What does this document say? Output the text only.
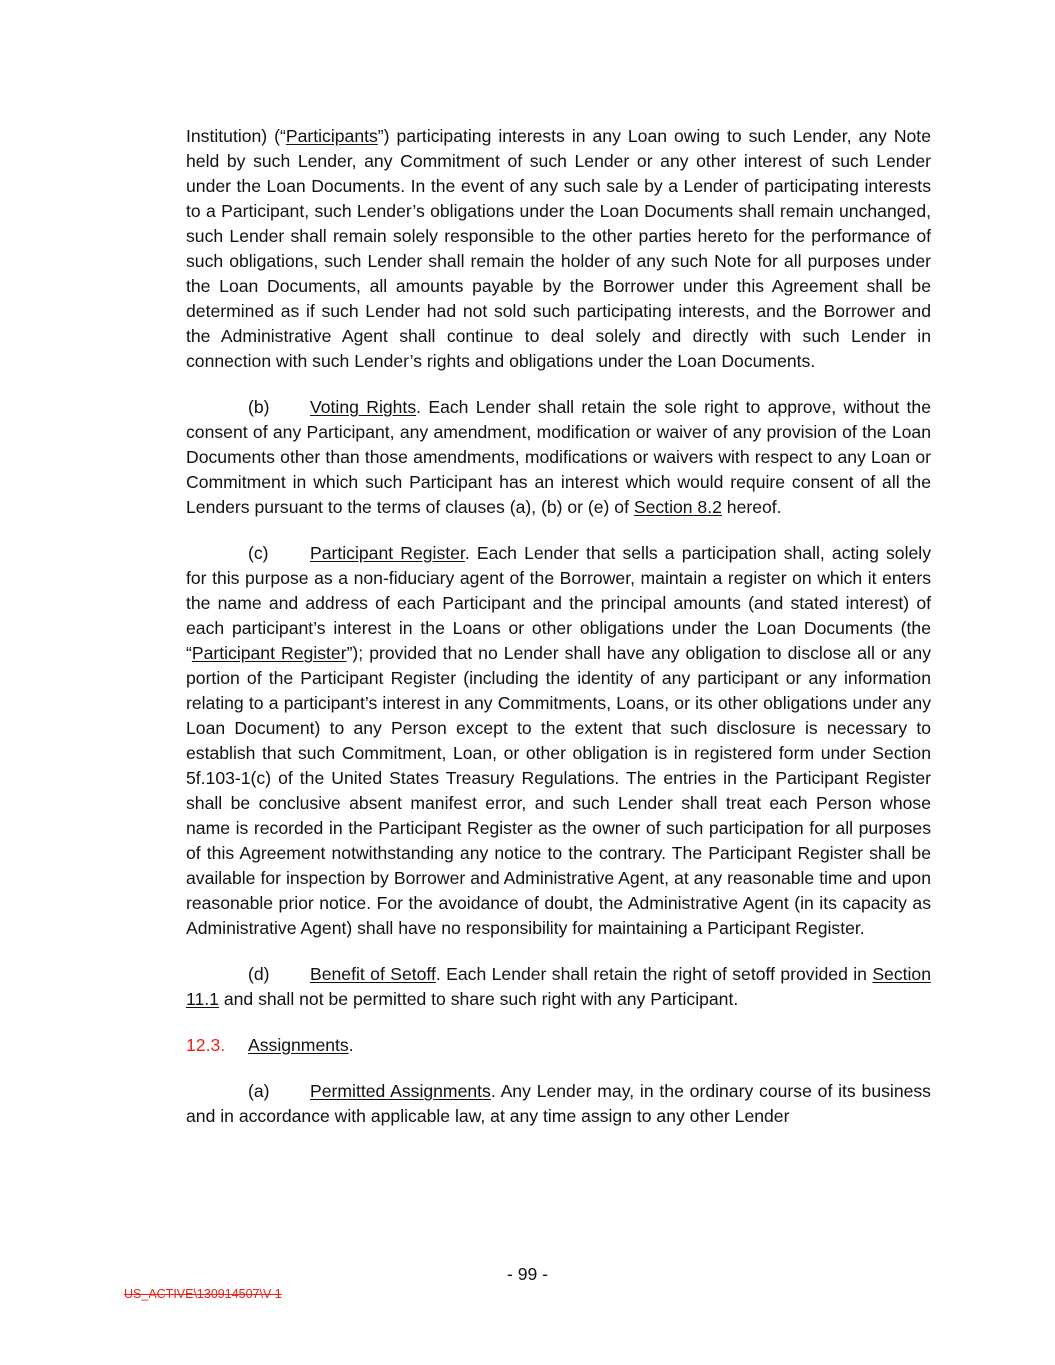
Institution) (“Participants”) participating interests in any Loan owing to such Lender, any Note held by such Lender, any Commitment of such Lender or any other interest of such Lender under the Loan Documents. In the event of any such sale by a Lender of participating interests to a Participant, such Lender’s obligations under the Loan Documents shall remain unchanged, such Lender shall remain solely responsible to the other parties hereto for the performance of such obligations, such Lender shall remain the holder of any such Note for all purposes under the Loan Documents, all amounts payable by the Borrower under this Agreement shall be determined as if such Lender had not sold such participating interests, and the Borrower and the Administrative Agent shall continue to deal solely and directly with such Lender in connection with such Lender’s rights and obligations under the Loan Documents.

(b) Voting Rights. Each Lender shall retain the sole right to approve, without the consent of any Participant, any amendment, modification or waiver of any provision of the Loan Documents other than those amendments, modifications or waivers with respect to any Loan or Commitment in which such Participant has an interest which would require consent of all the Lenders pursuant to the terms of clauses (a), (b) or (e) of Section 8.2 hereof.

(c) Participant Register. Each Lender that sells a participation shall, acting solely for this purpose as a non-fiduciary agent of the Borrower, maintain a register on which it enters the name and address of each Participant and the principal amounts (and stated interest) of each participant’s interest in the Loans or other obligations under the Loan Documents (the “Participant Register”); provided that no Lender shall have any obligation to disclose all or any portion of the Participant Register (including the identity of any participant or any information relating to a participant’s interest in any Commitments, Loans, or its other obligations under any Loan Document) to any Person except to the extent that such disclosure is necessary to establish that such Commitment, Loan, or other obligation is in registered form under Section 5f.103-1(c) of the United States Treasury Regulations. The entries in the Participant Register shall be conclusive absent manifest error, and such Lender shall treat each Person whose name is recorded in the Participant Register as the owner of such participation for all purposes of this Agreement notwithstanding any notice to the contrary. The Participant Register shall be available for inspection by Borrower and Administrative Agent, at any reasonable time and upon reasonable prior notice. For the avoidance of doubt, the Administrative Agent (in its capacity as Administrative Agent) shall have no responsibility for maintaining a Participant Register.

(d) Benefit of Setoff. Each Lender shall retain the right of setoff provided in Section 11.1 and shall not be permitted to share such right with any Participant.

12.3. Assignments.

(a) Permitted Assignments. Any Lender may, in the ordinary course of its business and in accordance with applicable law, at any time assign to any other Lender

- 99 -
US_ACTIVE\130914507\V-1
